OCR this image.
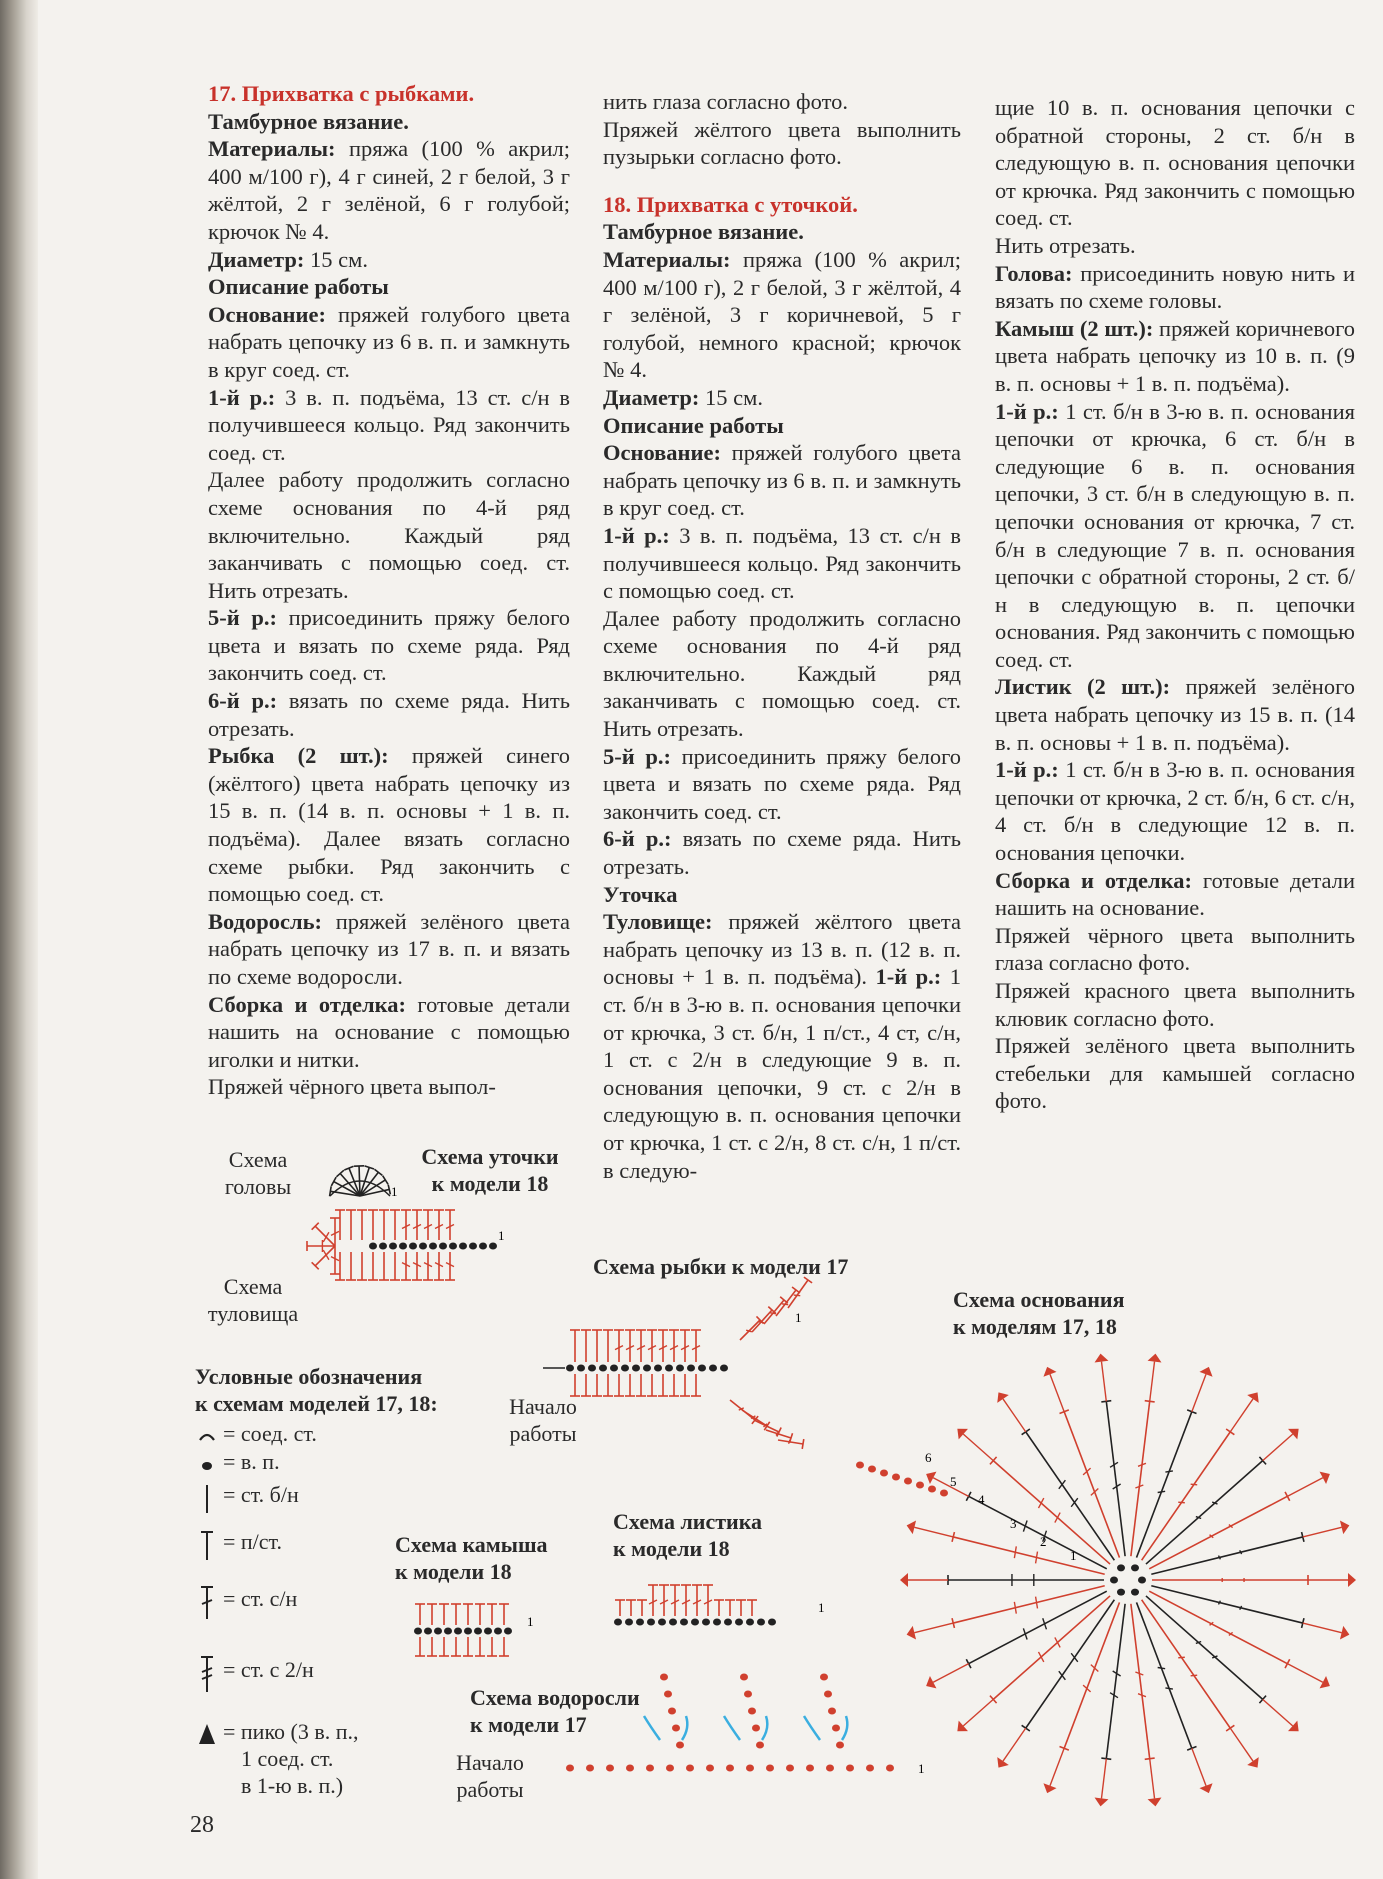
17. Прихватка с рыбками.

Тамбурное вязание.

Материалы: пряжа (100 % акрил; 400 м/100 г), 4 г синей, 2 г белой, 3 г жёлтой, 2 г зелёной, 6 г голубой; крючок № 4.

Диаметр: 15 см.

Описание работы

Основание: пряжей голубого цвета набрать цепочку из 6 в. п. и замкнуть в круг соед. ст.

1-й р.: 3 в. п. подъёма, 13 ст. с/н в получившееся кольцо. Ряд закончить соед. ст.

Далее работу продолжить согласно схеме основания по 4-й ряд включительно. Каждый ряд заканчивать с помощью соед. ст. Нить отрезать.

5-й р.: присоединить пряжу белого цвета и вязать по схеме ряда. Ряд закончить соед. ст.

6-й р.: вязать по схеме ряда. Нить отрезать.

Рыбка (2 шт.): пряжей синего (жёлтого) цвета набрать цепочку из 15 в. п. (14 в. п. основы + 1 в. п. подъёма). Далее вязать согласно схеме рыбки. Ряд закончить с помощью соед. ст.

Водоросль: пряжей зелёного цвета набрать цепочку из 17 в. п. и вязать по схеме водоросли.

Сборка и отделка: готовые детали нашить на основание с помощью иголки и нитки.

Пряжей чёрного цвета выпол-

нить глаза согласно фото.

Пряжей жёлтого цвета выполнить пузырьки согласно фото.

18. Прихватка с уточкой.

Тамбурное вязание.

Материалы: пряжа (100 % акрил; 400 м/100 г), 2 г белой, 3 г жёлтой, 4 г зелёной, 3 г коричневой, 5 г голубой, немного красной; крючок № 4.

Диаметр: 15 см.

Описание работы

Основание: пряжей голубого цвета набрать цепочку из 6 в. п. и замкнуть в круг соед. ст.

1-й р.: 3 в. п. подъёма, 13 ст. с/н в получившееся кольцо. Ряд закончить с помощью соед. ст.

Далее работу продолжить согласно схеме основания по 4-й ряд включительно. Каждый ряд заканчивать с помощью соед. ст. Нить отрезать.

5-й р.: присоединить пряжу белого цвета и вязать по схеме ряда. Ряд закончить соед. ст.

6-й р.: вязать по схеме ряда. Нить отрезать.

Уточка

Туловище: пряжей жёлтого цвета набрать цепочку из 13 в. п. (12 в. п. основы + 1 в. п. подъёма). 1-й р.: 1 ст. б/н в 3-ю в. п. основания цепочки от крючка, 3 ст. б/н, 1 п/ст., 4 ст, с/н, 1 ст. с 2/н в следующие 9 в. п. основания цепочки, 9 ст. с 2/н в следующую в. п. основания цепочки от крючка, 1 ст. с 2/н, 8 ст. с/н, 1 п/ст. в следую-

щие 10 в. п. основания цепочки с обратной стороны, 2 ст. б/н в следующую в. п. основания цепочки от крючка. Ряд закончить с помощью соед. ст.

Нить отрезать.

Голова: присоединить новую нить и вязать по схеме головы.

Камыш (2 шт.): пряжей коричневого цвета набрать цепочку из 10 в. п. (9 в. п. основы + 1 в. п. подъёма).

1-й р.: 1 ст. б/н в 3-ю в. п. основания цепочки от крючка, 6 ст. б/н в следующие 6 в. п. основания цепочки, 3 ст. б/н в следующую в. п. цепочки основания от крючка, 7 ст. б/н в следующие 7 в. п. основания цепочки с обратной стороны, 2 ст. б/н в следующую в. п. цепочки основания. Ряд закончить с помощью соед. ст.

Листик (2 шт.): пряжей зелёного цвета набрать цепочку из 15 в. п. (14 в. п. основы + 1 в. п. подъёма).

1-й р.: 1 ст. б/н в 3-ю в. п. основания цепочки от крючка, 2 ст. б/н, 6 ст. с/н, 4 ст. б/н в следующие 12 в. п. основания цепочки.

Сборка и отделка: готовые детали нашить на основание.

Пряжей чёрного цвета выполнить глаза согласно фото.

Пряжей красного цвета выполнить клювик согласно фото.

Пряжей зелёного цвета выполнить стебельки для камышей согласно фото.

Схема
головы
Схема уточки
к модели 18
Схема
туловища
Схема рыбки к модели 17
Начало
работы
Схема основания
к моделям 17, 18
Схема камыша
к модели 18
Схема листика
к модели 18
Схема водоросли
к модели 17
Начало
работы
Условные обозначения
к схемам моделей 17, 18:
= соед. ст.
= в. п.
= ст. б/н
= п/ст.
= ст. с/н
= ст. с 2/н
= пико (3 в. п.,
1 соед. ст.
в 1-ю в. п.)
28
1
1
1
1
1
1
1
2
3
4
5
6
